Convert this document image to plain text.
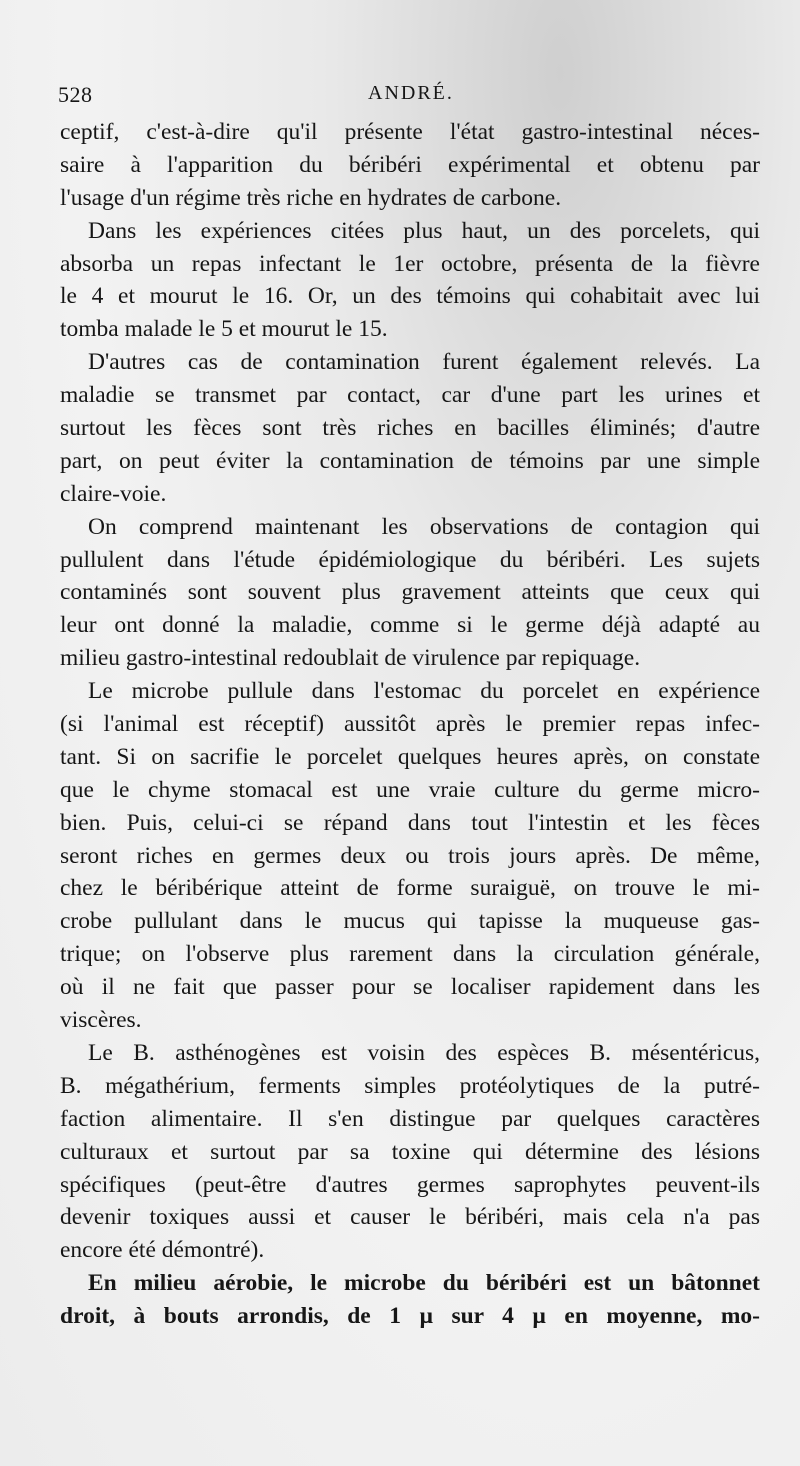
528	ANDRÉ.
ceptif, c'est-à-dire qu'il présente l'état gastro-intestinal néces-
saire à l'apparition du béribéri expérimental et obtenu par
l'usage d'un régime très riche en hydrates de carbone.
Dans les expériences citées plus haut, un des porcelets, qui
absorba un repas infectant le 1er octobre, présenta de la fièvre
le 4 et mourut le 16. Or, un des témoins qui cohabitait avec lui
tomba malade le 5 et mourut le 15.
D'autres cas de contamination furent également relevés. La
maladie se transmet par contact, car d'une part les urines et
surtout les fèces sont très riches en bacilles éliminés; d'autre
part, on peut éviter la contamination de témoins par une simple
claire-voie.
On comprend maintenant les observations de contagion qui
pullulent dans l'étude épidémiologique du béribéri. Les sujets
contaminés sont souvent plus gravement atteints que ceux qui
leur ont donné la maladie, comme si le germe déjà adapté au
milieu gastro-intestinal redoublait de virulence par repiquage.
Le microbe pullule dans l'estomac du porcelet en expérience
(si l'animal est réceptif) aussitôt après le premier repas infec-
tant. Si on sacrifie le porcelet quelques heures après, on constate
que le chyme stomacal est une vraie culture du germe micro-
bien. Puis, celui-ci se répand dans tout l'intestin et les fèces
seront riches en germes deux ou trois jours après. De même,
chez le béribérique atteint de forme suraiguë, on trouve le mi-
crobe pullulant dans le mucus qui tapisse la muqueuse gas-
trique; on l'observe plus rarement dans la circulation générale,
où il ne fait que passer pour se localiser rapidement dans les
viscères.
Le B. asthénogènes est voisin des espèces B. mésentéricus,
B. mégathérium, ferments simples protéolytiques de la putré-
faction alimentaire. Il s'en distingue par quelques caractères
culturaux et surtout par sa toxine qui détermine des lésions
spécifiques (peut-être d'autres germes saprophytes peuvent-ils
devenir toxiques aussi et causer le béribéri, mais cela n'a pas
encore été démontré).
En milieu aérobie, le microbe du béribéri est un bâtonnet
droit, à bouts arrondis, de 1 µ sur 4 µ en moyenne, mo-
